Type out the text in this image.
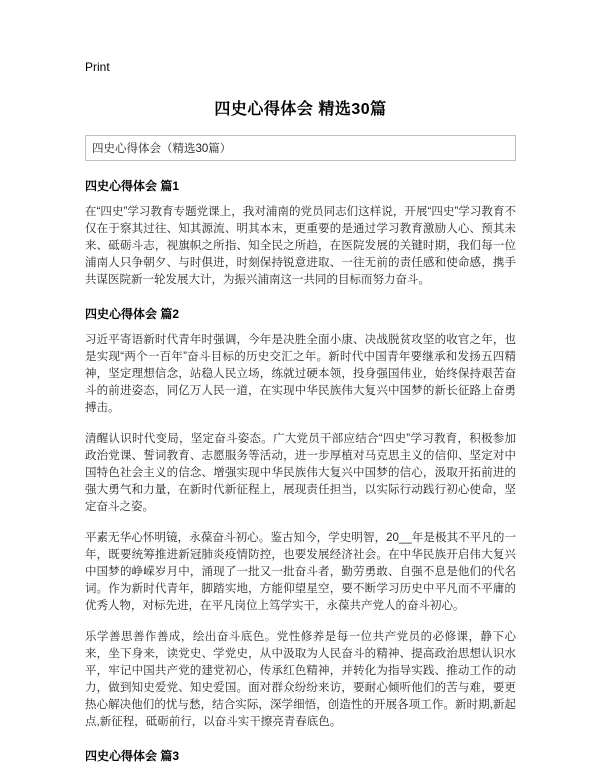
Print
四史心得体会 精选30篇
四史心得体会（精选30篇）
四史心得体会 篇1

在“四史”学习教育专题党课上，我对浦南的党员同志们这样说，开展“四史”学习教育不仅在于察其过往、知其源流、明其本末，更重要的是通过学习教育激励人心、预其未来、砥砺斗志，视旗帜之所指、知全民之所趋，在医院发展的关键时期，我们每一位浦南人只争朝夕、与时俱进，时刻保持锐意进取、一往无前的责任感和使命感，携手共谋医院新一轮发展大计，为振兴浦南这一共同的目标而努力奋斗。

四史心得体会 篇2

习近平寄语新时代青年时强调，今年是决胜全面小康、决战脱贫攻坚的收官之年，也是实现“两个一百年”奋斗目标的历史交汇之年。新时代中国青年要继承和发扬五四精神，坚定理想信念，站稳人民立场，练就过硬本领，投身强国伟业，始终保持艰苦奋斗的前进姿态，同亿万人民一道，在实现中华民族伟大复兴中国梦的新长征路上奋勇搏击。

清醒认识时代变局，坚定奋斗姿态。广大党员干部应结合“四史”学习教育，积极参加政治党课、誓词教育、志愿服务等活动，进一步厚植对马克思主义的信仰、坚定对中国特色社会主义的信念、增强实现中华民族伟大复兴中国梦的信心，汲取开拓前进的强大勇气和力量，在新时代新征程上，展现责任担当，以实际行动践行初心使命，坚定奋斗之姿。

平素无华心怀明镜，永葆奋斗初心。鉴古知今，学史明智，20__年是极其不平凡的一年，既要统筹推进新冠肺炎疫情防控，也要发展经济社会。在中华民族开启伟大复兴中国梦的峥嵘岁月中，涌现了一批又一批奋斗者，勤劳勇敢、自强不息是他们的代名词。作为新时代青年，脚踏实地，方能仰望星空，要不断学习历史中平凡而不平庸的优秀人物，对标先进，在平凡岗位上笃学实干，永葆共产党人的奋斗初心。

乐学善思善作善成，绘出奋斗底色。党性修养是每一位共产党员的必修课，静下心来，坐下身来，读党史、学党史，从中汲取为人民奋斗的精神、提高政治思想认识水平，牢记中国共产党的建党初心，传承红色精神，并转化为指导实践、推动工作的动力，做到知史爱党、知史爱国。面对群众纷纷来访，要耐心倾听他们的苦与难，要更热心解决他们的忧与愁，结合实际，深学细悟，创造性的开展各项工作。新时期,新起点,新征程，砥砺前行，以奋斗实干擦亮青春底色。

四史心得体会 篇3
